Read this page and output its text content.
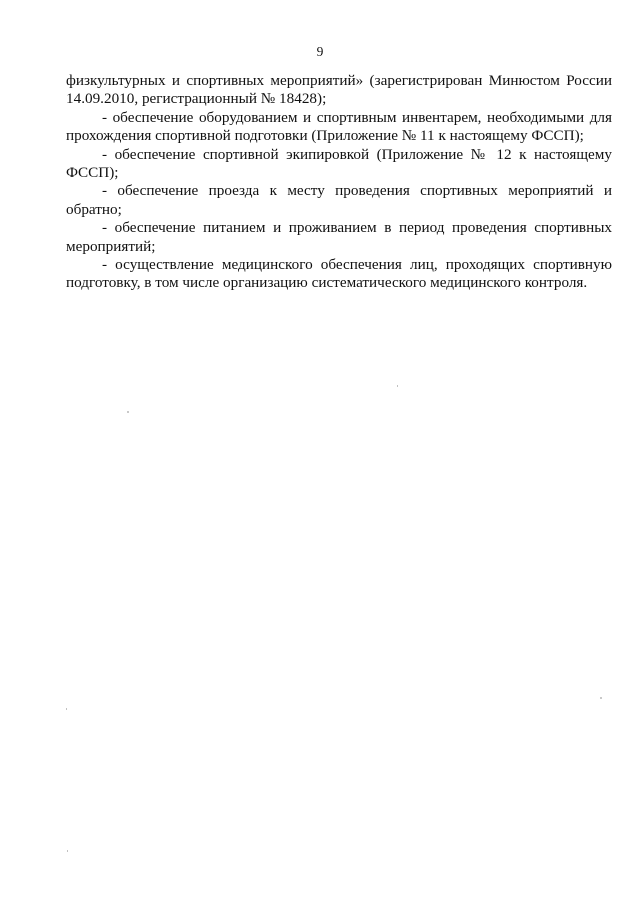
9

физкультурных и спортивных мероприятий» (зарегистрирован Минюстом России 14.09.2010, регистрационный № 18428);

- обеспечение оборудованием и спортивным инвентарем, необходимыми для прохождения спортивной подготовки (Приложение № 11 к настоящему ФССП);

- обеспечение спортивной экипировкой (Приложение № 12 к настоящему ФССП);

- обеспечение проезда к месту проведения спортивных мероприятий и обратно;

- обеспечение питанием и проживанием в период проведения спортивных мероприятий;

- осуществление медицинского обеспечения лиц, проходящих спортивную подготовку, в том числе организацию систематического медицинского контроля.
